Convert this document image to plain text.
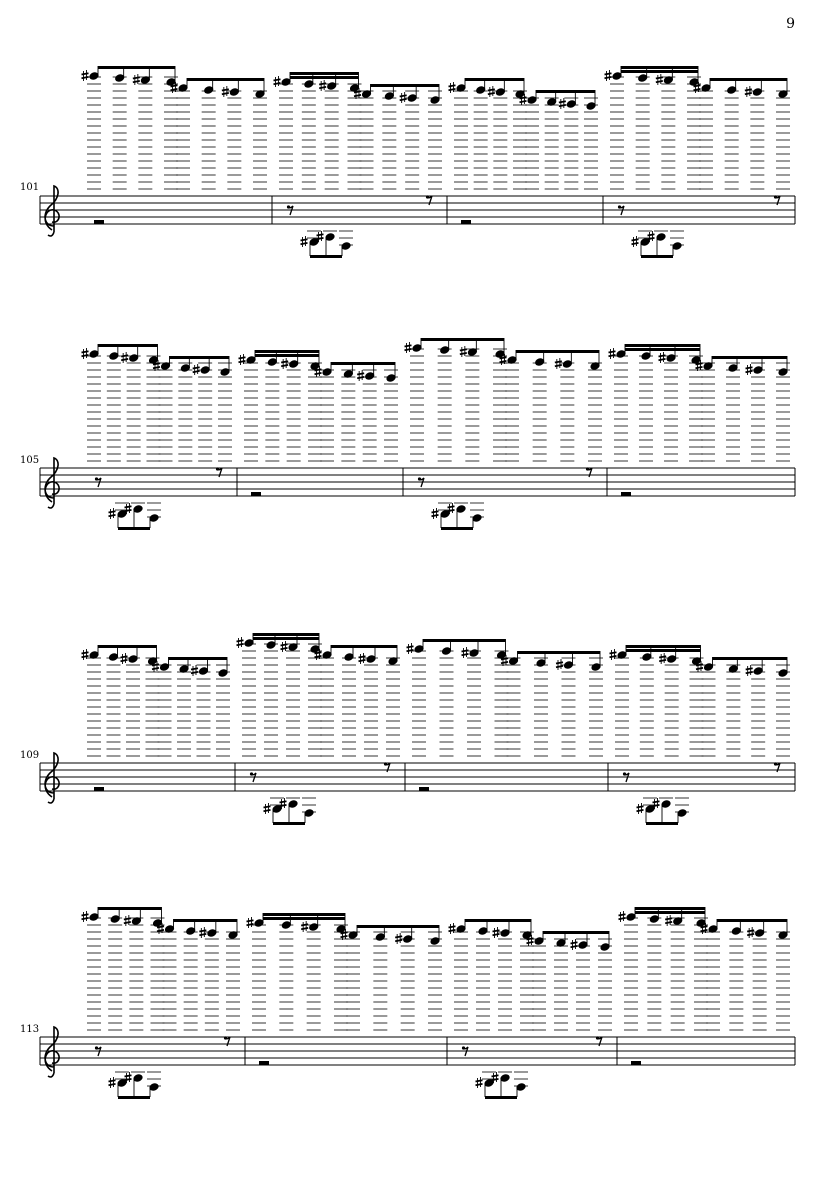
9
101
105
109
113
